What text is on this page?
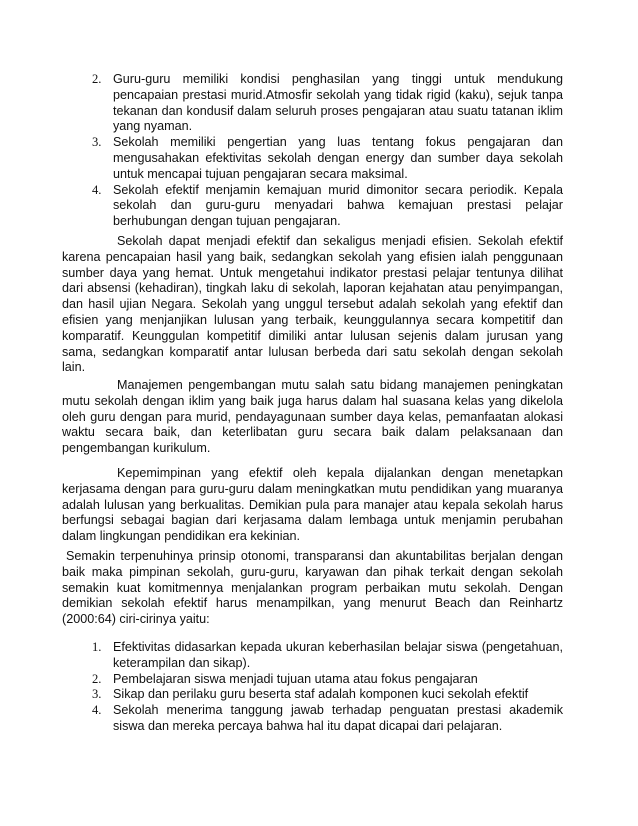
2. Guru-guru memiliki kondisi penghasilan yang tinggi untuk mendukung pencapaian prestasi murid.Atmosfir sekolah yang tidak rigid (kaku), sejuk tanpa tekanan dan kondusif dalam seluruh proses pengajaran atau suatu tatanan iklim yang nyaman.
3. Sekolah memiliki pengertian yang luas tentang fokus pengajaran dan mengusahakan efektivitas sekolah dengan energy dan sumber daya sekolah untuk mencapai tujuan pengajaran secara maksimal.
4. Sekolah efektif menjamin kemajuan murid dimonitor secara periodik. Kepala sekolah dan guru-guru menyadari bahwa kemajuan prestasi pelajar berhubungan dengan tujuan pengajaran.

Sekolah dapat menjadi efektif dan sekaligus menjadi efisien. Sekolah efektif karena pencapaian hasil yang baik, sedangkan sekolah yang efisien ialah penggunaan sumber daya yang hemat. Untuk mengetahui indikator prestasi pelajar tentunya dilihat dari absensi (kehadiran), tingkah laku di sekolah, laporan kejahatan atau penyimpangan, dan hasil ujian Negara. Sekolah yang unggul tersebut adalah sekolah yang efektif dan efisien yang menjanjikan lulusan yang terbaik, keunggulannya secara kompetitif dan komparatif. Keunggulan kompetitif dimiliki antar lulusan sejenis dalam jurusan yang sama, sedangkan komparatif antar lulusan berbeda dari satu sekolah dengan sekolah lain.

Manajemen pengembangan mutu salah satu bidang manajemen peningkatan mutu sekolah dengan iklim yang baik juga harus dalam hal suasana kelas yang dikelola oleh guru dengan para murid, pendayagunaan sumber daya kelas, pemanfaatan alokasi waktu secara baik, dan keterlibatan guru secara baik dalam pelaksanaan dan pengembangan kurikulum.

Kepemimpinan yang efektif oleh kepala dijalankan dengan menetapkan kerjasama dengan para guru-guru dalam meningkatkan mutu pendidikan yang muaranya adalah lulusan yang berkualitas. Demikian pula para manajer atau kepala sekolah harus berfungsi sebagai bagian dari kerjasama dalam lembaga untuk menjamin perubahan dalam lingkungan pendidikan era kekinian.

Semakin terpenuhinya prinsip otonomi, transparansi dan akuntabilitas berjalan dengan baik maka pimpinan sekolah, guru-guru, karyawan dan pihak terkait dengan sekolah semakin kuat komitmennya menjalankan program perbaikan mutu sekolah. Dengan demikian sekolah efektif harus menampilkan, yang menurut Beach dan Reinhartz (2000:64) ciri-cirinya yaitu:

1. Efektivitas didasarkan kepada ukuran keberhasilan belajar siswa (pengetahuan, keterampilan dan sikap).
2. Pembelajaran siswa menjadi tujuan utama atau fokus pengajaran
3. Sikap dan perilaku guru beserta staf adalah komponen kuci sekolah efektif
4. Sekolah menerima tanggung jawab terhadap penguatan prestasi akademik siswa dan mereka percaya bahwa hal itu dapat dicapai dari pelajaran.
